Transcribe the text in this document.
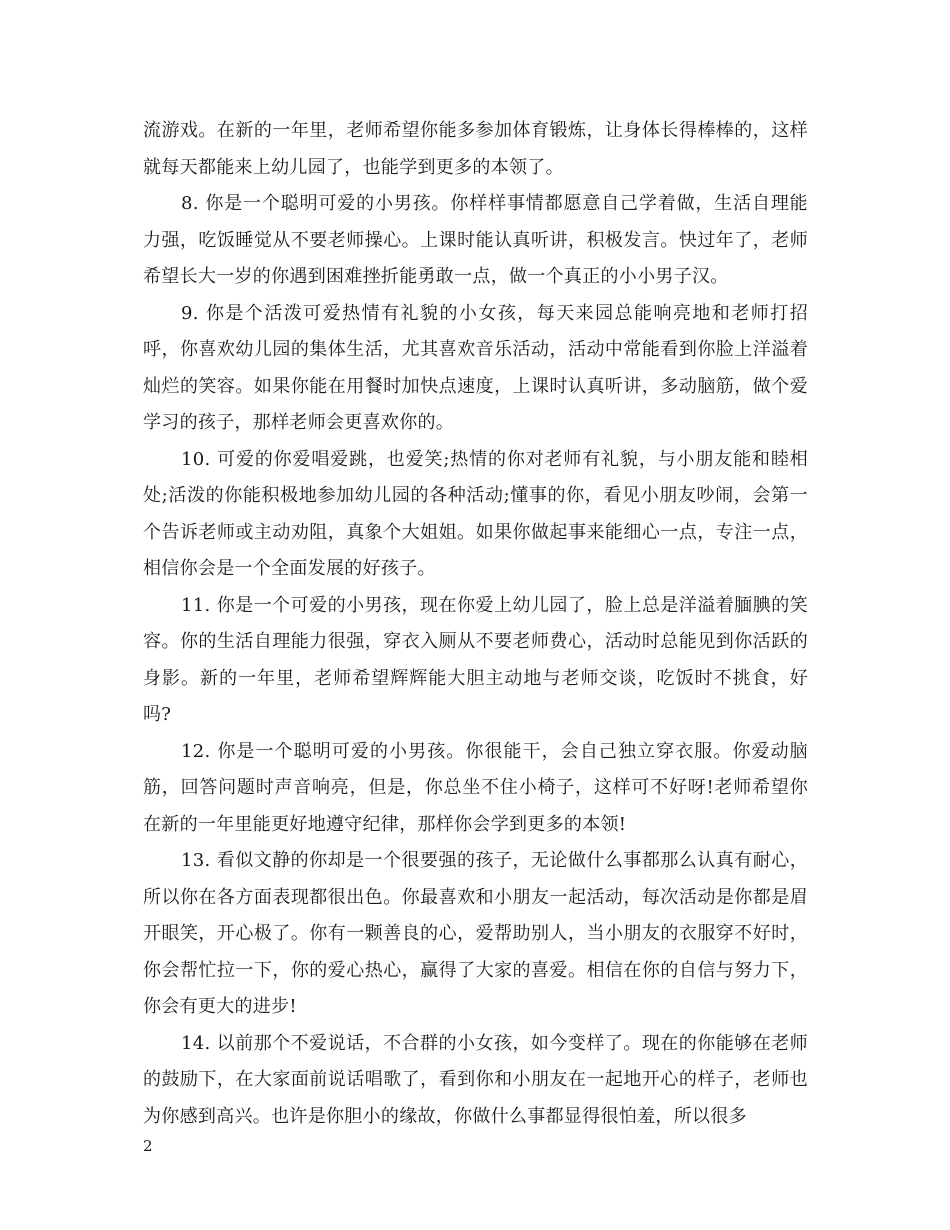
流游戏。在新的一年里，老师希望你能多参加体育锻炼，让身体长得棒棒的，这样就每天都能来上幼儿园了，也能学到更多的本领了。

8. 你是一个聪明可爱的小男孩。你样样事情都愿意自己学着做，生活自理能力强，吃饭睡觉从不要老师操心。上课时能认真听讲，积极发言。快过年了，老师希望长大一岁的你遇到困难挫折能勇敢一点，做一个真正的小小男子汉。

9. 你是个活泼可爱热情有礼貌的小女孩，每天来园总能响亮地和老师打招呼，你喜欢幼儿园的集体生活，尤其喜欢音乐活动，活动中常能看到你脸上洋溢着灿烂的笑容。如果你能在用餐时加快点速度，上课时认真听讲，多动脑筋，做个爱学习的孩子，那样老师会更喜欢你的。

10. 可爱的你爱唱爱跳，也爱笑;热情的你对老师有礼貌，与小朋友能和睦相处;活泼的你能积极地参加幼儿园的各种活动;懂事的你，看见小朋友吵闹，会第一个告诉老师或主动劝阻，真象个大姐姐。如果你做起事来能细心一点，专注一点，相信你会是一个全面发展的好孩子。

11. 你是一个可爱的小男孩，现在你爱上幼儿园了，脸上总是洋溢着腼腆的笑容。你的生活自理能力很强，穿衣入厕从不要老师费心，活动时总能见到你活跃的身影。新的一年里，老师希望辉辉能大胆主动地与老师交谈，吃饭时不挑食，好吗?

12. 你是一个聪明可爱的小男孩。你很能干，会自己独立穿衣服。你爱动脑筋，回答问题时声音响亮，但是，你总坐不住小椅子，这样可不好呀!老师希望你在新的一年里能更好地遵守纪律，那样你会学到更多的本领!

13. 看似文静的你却是一个很要强的孩子，无论做什么事都那么认真有耐心，所以你在各方面表现都很出色。你最喜欢和小朋友一起活动，每次活动是你都是眉开眼笑，开心极了。你有一颗善良的心，爱帮助别人，当小朋友的衣服穿不好时，你会帮忙拉一下，你的爱心热心，赢得了大家的喜爱。相信在你的自信与努力下，你会有更大的进步!

14. 以前那个不爱说话，不合群的小女孩，如今变样了。现在的你能够在老师的鼓励下，在大家面前说话唱歌了，看到你和小朋友在一起地开心的样子，老师也为你感到高兴。也许是你胆小的缘故，你做什么事都显得很怕羞，所以很多

2
